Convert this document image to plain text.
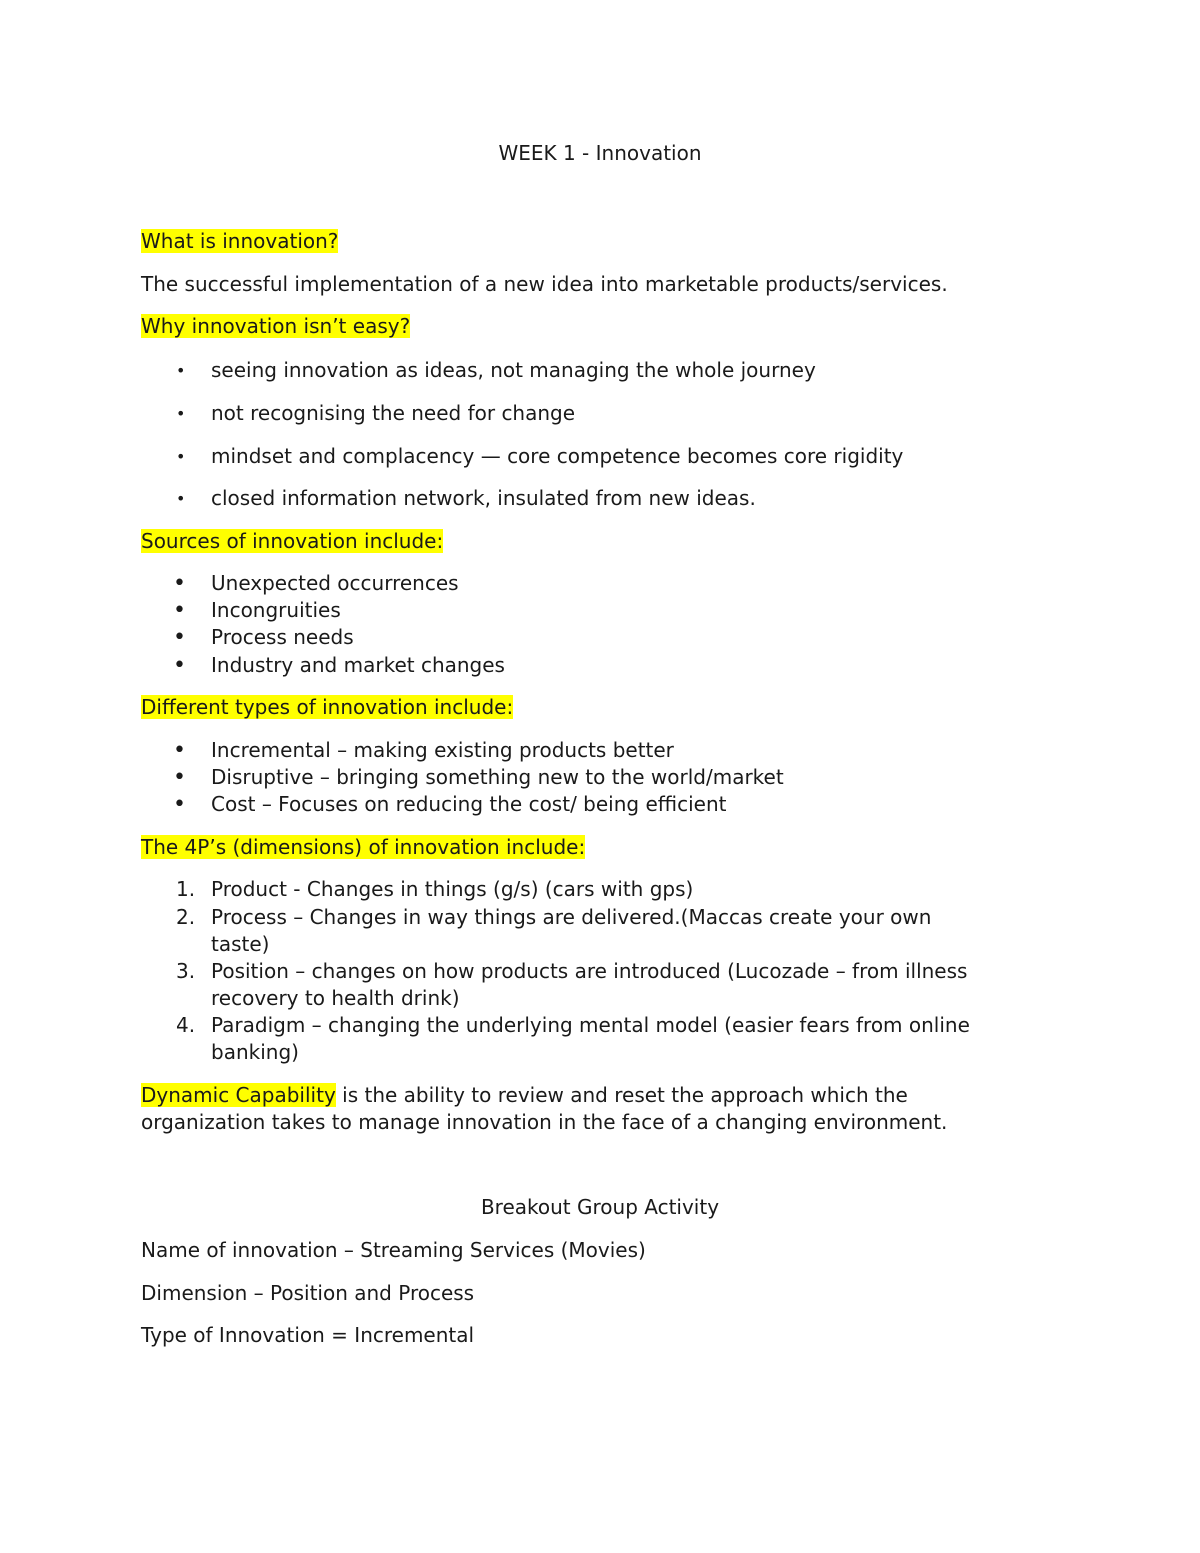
WEEK 1 - Innovation

What is innovation?

The successful implementation of a new idea into marketable products/services.

Why innovation isn’t easy?

• seeing innovation as ideas, not managing the whole journey
• not recognising the need for change
• mindset and complacency — core competence becomes core rigidity
• closed information network, insulated from new ideas.

Sources of innovation include:

• Unexpected occurrences
• Incongruities
• Process needs
• Industry and market changes

Different types of innovation include:

• Incremental – making existing products better
• Disruptive – bringing something new to the world/market
• Cost – Focuses on reducing the cost/ being efficient

The 4P’s (dimensions) of innovation include:

1. Product - Changes in things (g/s) (cars with gps)
2. Process – Changes in way things are delivered.(Maccas create your own
taste)
3. Position – changes on how products are introduced (Lucozade – from illness
recovery to health drink)
4. Paradigm – changing the underlying mental model (easier fears from online
banking)

Dynamic Capability is the ability to review and reset the approach which the

organization takes to manage innovation in the face of a changing environment.

Breakout Group Activity

Name of innovation – Streaming Services (Movies)

Dimension – Position and Process

Type of Innovation = Incremental
